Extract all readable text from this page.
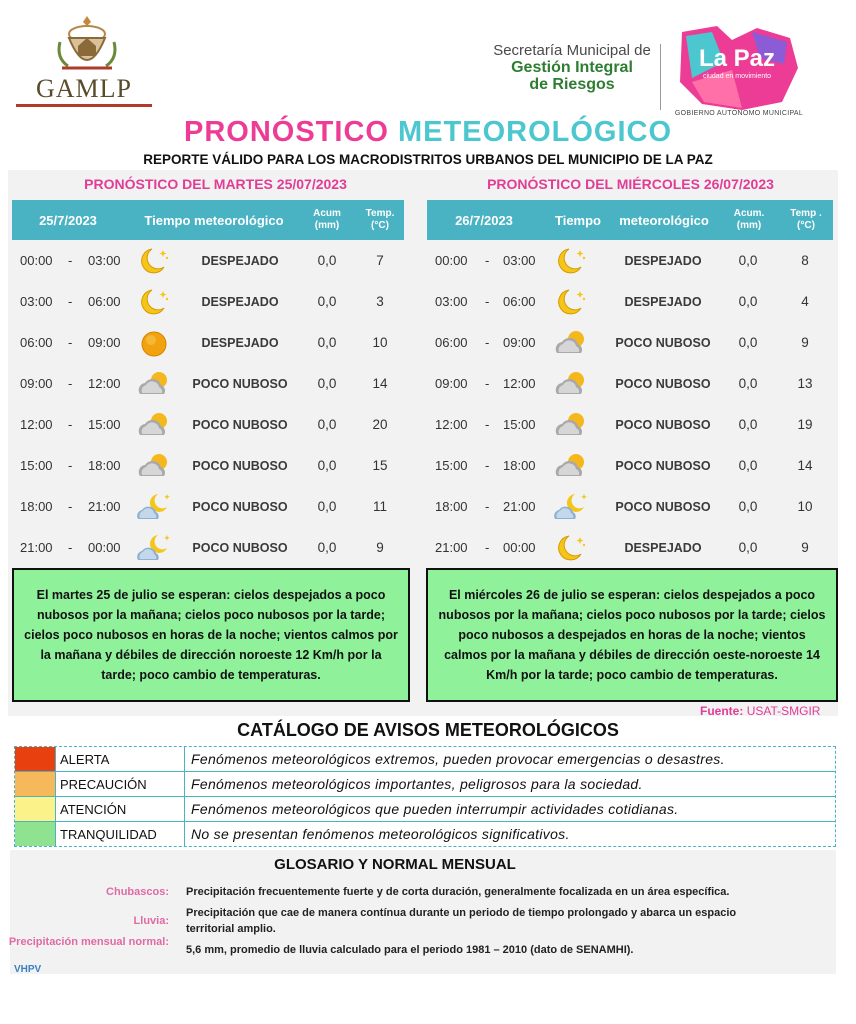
GAMLP
Secretaría Municipal de
Gestión Integral
de Riesgos
La Paz
ciudad en movimiento
GOBIERNO AUTÓNOMO MUNICIPAL
PRONÓSTICO METEOROLÓGICO
REPORTE VÁLIDO PARA LOS MACRODISTRITOS URBANOS DEL MUNICIPIO DE LA PAZ
PRONÓSTICO DEL MARTES 25/07/2023	PRONÓSTICO DEL MIÉRCOLES 26/07/2023
25/7/2023	Tiempo meteorológico	Acum
(mm)
Temp.
(°C)	26/7/2023	Tiempo	meteorológico	Acum.
(mm)
Temp .
(°C)
00:00 - 03:00	DESPEJADO	0,0	7
03:00 - 06:00	DESPEJADO	0,0	3
06:00 - 09:00	DESPEJADO	0,0	10
09:00 - 12:00	POCO NUBOSO	0,0	14
12:00 - 15:00	POCO NUBOSO	0,0	20
15:00 - 18:00	POCO NUBOSO	0,0	15
18:00 - 21:00	POCO NUBOSO	0,0	11
21:00 - 00:00	POCO NUBOSO	0,0	9
00:00 - 03:00	DESPEJADO	0,0	8
03:00 - 06:00	DESPEJADO	0,0	4
06:00 - 09:00	POCO NUBOSO	0,0	9
09:00 - 12:00	POCO NUBOSO	0,0	13
12:00 - 15:00	POCO NUBOSO	0,0	19
15:00 - 18:00	POCO NUBOSO	0,0	14
18:00 - 21:00	POCO NUBOSO	0,0	10
21:00 - 00:00	DESPEJADO	0,0	9
El martes 25 de julio se esperan: cielos despejados a poco nubosos por la mañana; cielos poco nubosos por la tarde; cielos poco nubosos en horas de la noche; vientos calmos por la mañana y débiles de dirección noroeste 12 Km/h por la tarde; poco cambio de temperaturas.
El miércoles 26 de julio se esperan: cielos despejados a poco nubosos por la mañana; cielos poco nubosos por la tarde; cielos poco nubosos a despejados en horas de la noche; vientos calmos por la mañana y débiles de dirección oeste-noroeste 14 Km/h por la tarde; poco cambio de temperaturas.
Fuente: USAT-SMGIR
CATÁLOGO DE AVISOS METEOROLÓGICOS
ALERTA	Fenómenos meteorológicos extremos, pueden provocar emergencias o desastres.
PRECAUCIÓN	Fenómenos meteorológicos importantes, peligrosos para la sociedad.
ATENCIÓN	Fenómenos meteorológicos que pueden interrumpir actividades cotidianas.
TRANQUILIDAD	No se presentan fenómenos meteorológicos significativos.
GLOSARIO Y NORMAL MENSUAL
Chubascos: Precipitación frecuentemente fuerte y de corta duración, generalmente focalizada en un área específica.
Lluvia:
Precipitación que cae de manera contínua durante un periodo de tiempo prolongado y abarca un espacio territorial amplio.
Precipitación mensual normal:
5,6 mm, promedio de lluvia calculado para el periodo 1981 – 2010 (dato de SENAMHI).
VHPV
